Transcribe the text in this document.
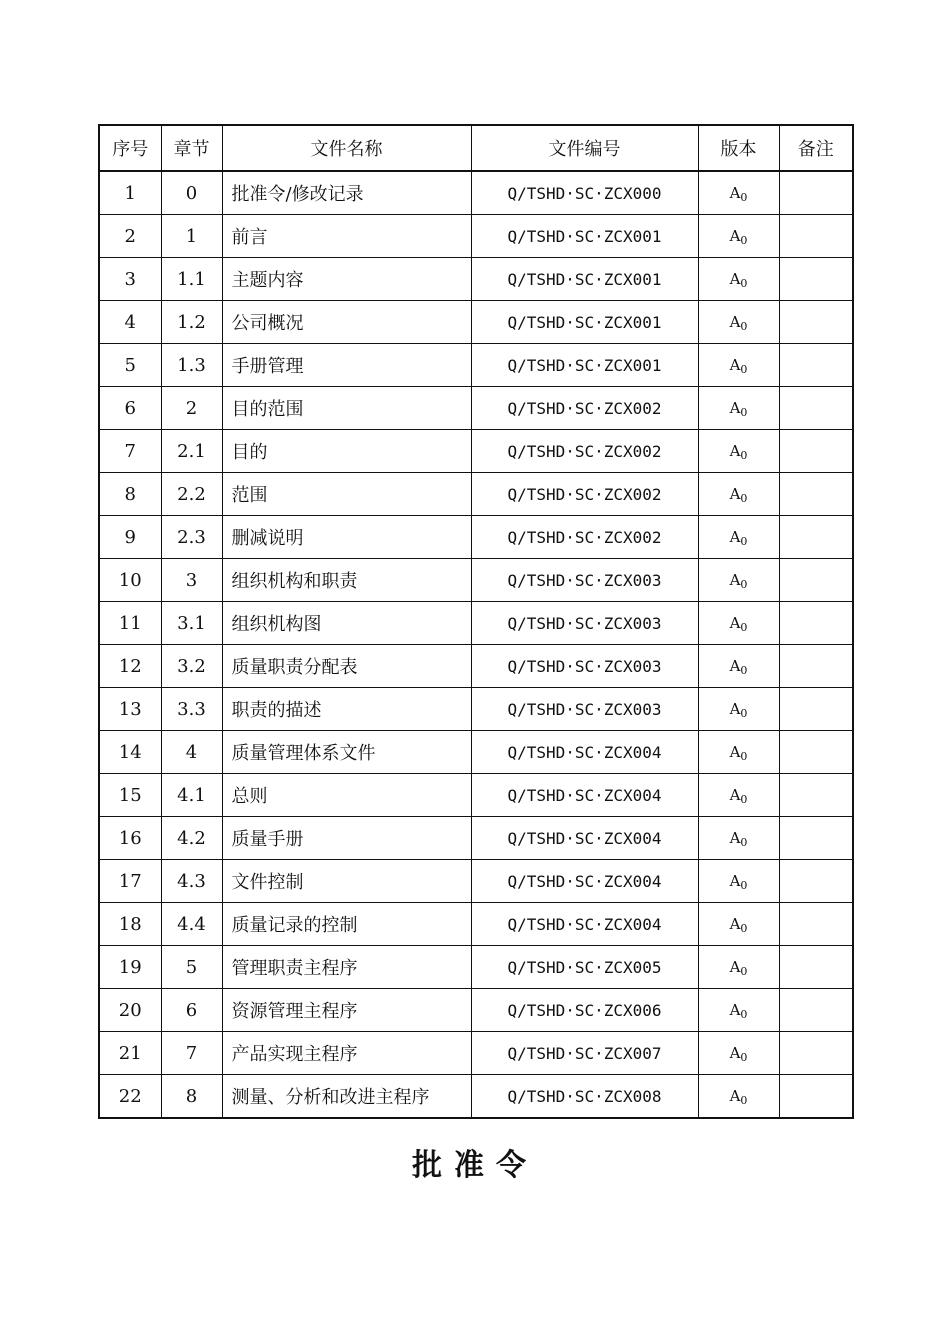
序号	章节	文件名称	文件编号	版本	备注
1	0	批准令/修改记录	Q/TSHD·SC·ZCX000	A0	
2	1	前言	Q/TSHD·SC·ZCX001	A0	
3	1.1	主题内容	Q/TSHD·SC·ZCX001	A0	
4	1.2	公司概况	Q/TSHD·SC·ZCX001	A0	
5	1.3	手册管理	Q/TSHD·SC·ZCX001	A0	
6	2	目的范围	Q/TSHD·SC·ZCX002	A0	
7	2.1	目的	Q/TSHD·SC·ZCX002	A0	
8	2.2	范围	Q/TSHD·SC·ZCX002	A0	
9	2.3	删减说明	Q/TSHD·SC·ZCX002	A0	
10	3	组织机构和职责	Q/TSHD·SC·ZCX003	A0	
11	3.1	组织机构图	Q/TSHD·SC·ZCX003	A0	
12	3.2	质量职责分配表	Q/TSHD·SC·ZCX003	A0	
13	3.3	职责的描述	Q/TSHD·SC·ZCX003	A0	
14	4	质量管理体系文件	Q/TSHD·SC·ZCX004	A0	
15	4.1	总则	Q/TSHD·SC·ZCX004	A0	
16	4.2	质量手册	Q/TSHD·SC·ZCX004	A0	
17	4.3	文件控制	Q/TSHD·SC·ZCX004	A0	
18	4.4	质量记录的控制	Q/TSHD·SC·ZCX004	A0	
19	5	管理职责主程序	Q/TSHD·SC·ZCX005	A0	
20	6	资源管理主程序	Q/TSHD·SC·ZCX006	A0	
21	7	产品实现主程序	Q/TSHD·SC·ZCX007	A0	
22	8	测量、分析和改进主程序	Q/TSHD·SC·ZCX008	A0	
批准令
